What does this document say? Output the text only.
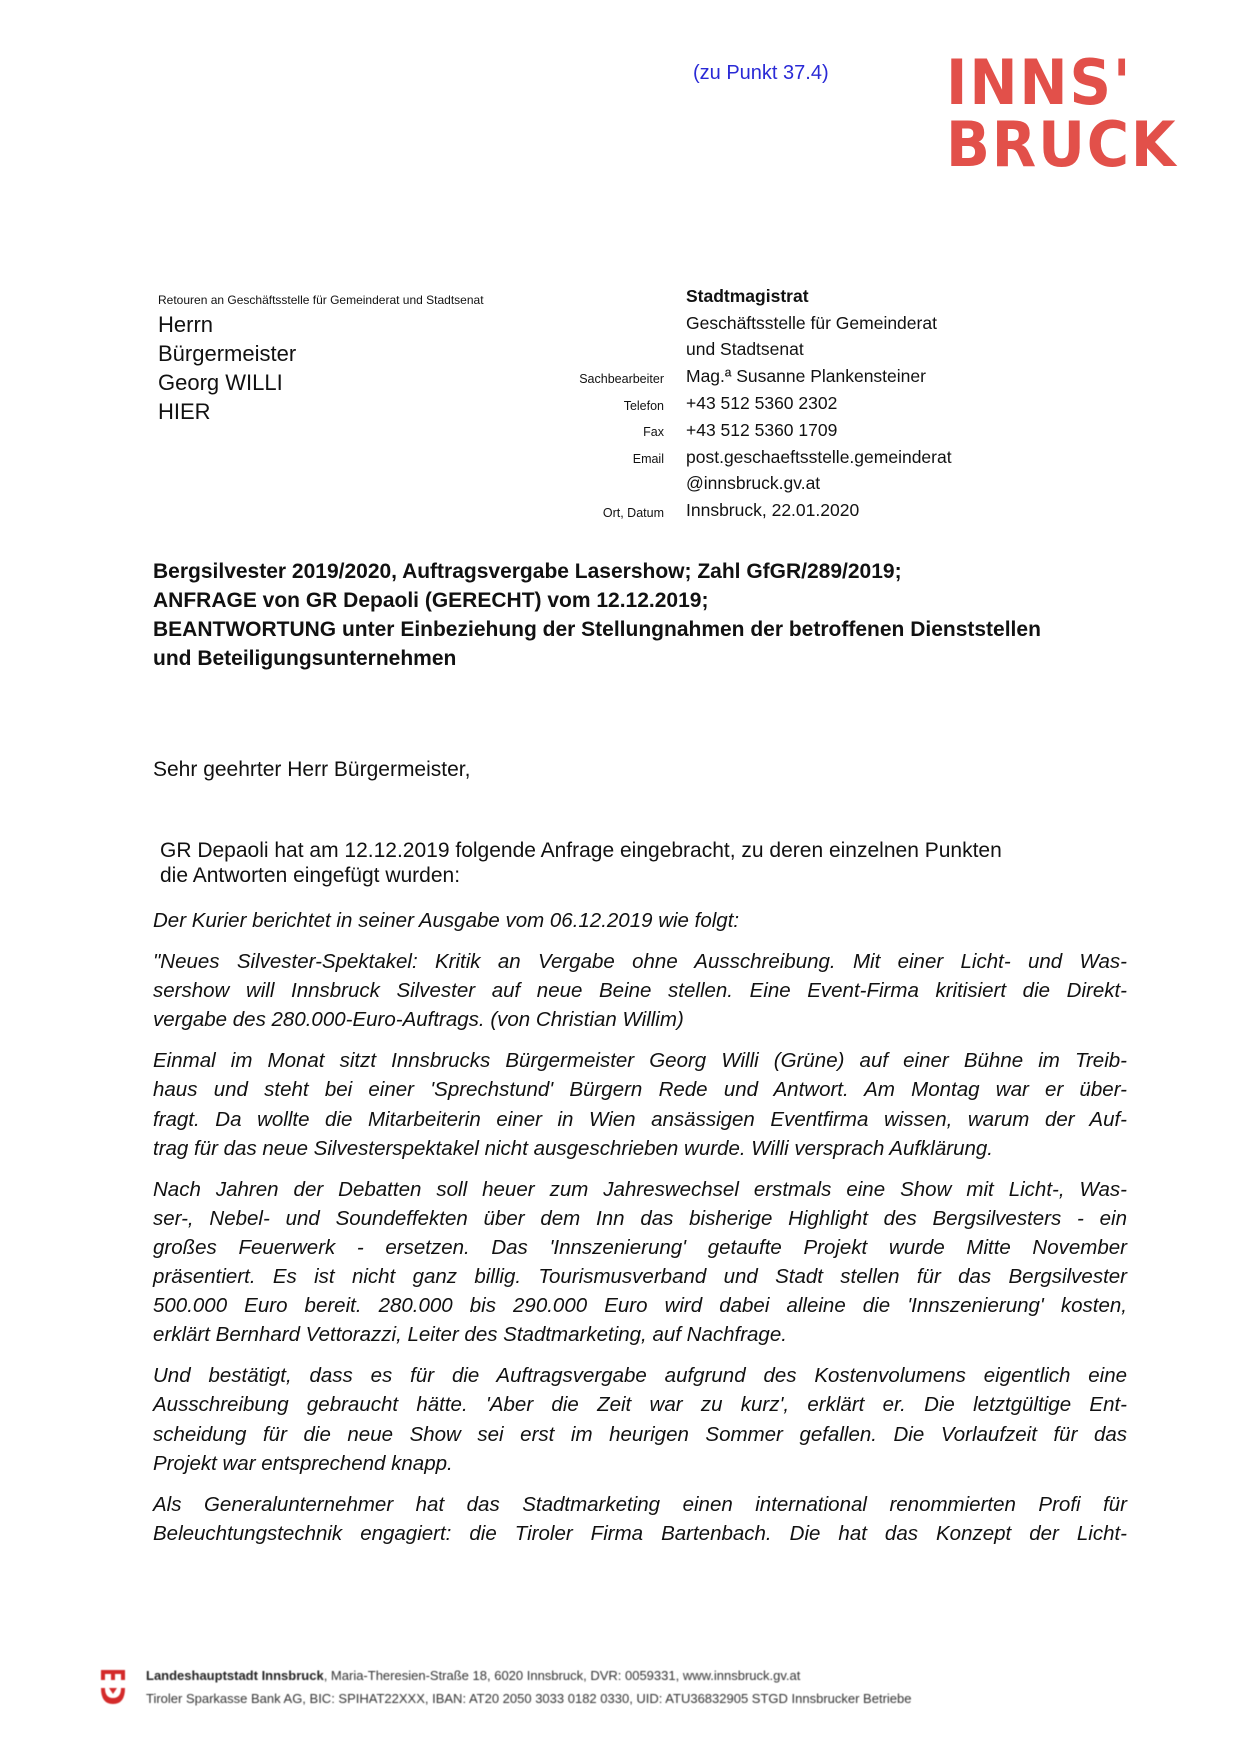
(zu Punkt 37.4) INNS'
BRUCK
Retouren an Geschäftsstelle für Gemeinderat und Stadtsenat
Herrn
Bürgermeister
Georg WILLI
HIER
Stadtmagistrat
Geschäftsstelle für Gemeinderat
und Stadtsenat
Sachbearbeiter	Mag.ª Susanne Plankensteiner
Telefon	+43 512 5360 2302
Fax	+43 512 5360 1709
Email	post.geschaeftsstelle.gemeinderat
@innsbruck.gv.at
Ort, Datum	Innsbruck, 22.01.2020
Bergsilvester 2019/2020, Auftragsvergabe Lasershow; Zahl GfGR/289/2019;
ANFRAGE von GR Depaoli (GERECHT) vom 12.12.2019;
BEANTWORTUNG unter Einbeziehung der Stellungnahmen der betroffenen Dienststellen
und Beteiligungsunternehmen
Sehr geehrter Herr Bürgermeister,
GR Depaoli hat am 12.12.2019 folgende Anfrage eingebracht, zu deren einzelnen Punkten
die Antworten eingefügt wurden:
Der Kurier berichtet in seiner Ausgabe vom 06.12.2019 wie folgt:
"Neues Silvester-Spektakel: Kritik an Vergabe ohne Ausschreibung. Mit einer Licht- und Was-
sershow will Innsbruck Silvester auf neue Beine stellen. Eine Event-Firma kritisiert die Direkt-
vergabe des 280.000-Euro-Auftrags. (von Christian Willim)
Einmal im Monat sitzt Innsbrucks Bürgermeister Georg Willi (Grüne) auf einer Bühne im Treib-
haus und steht bei einer 'Sprechstund' Bürgern Rede und Antwort. Am Montag war er über-
fragt. Da wollte die Mitarbeiterin einer in Wien ansässigen Eventfirma wissen, warum der Auf-
trag für das neue Silvesterspektakel nicht ausgeschrieben wurde. Willi versprach Aufklärung.
Nach Jahren der Debatten soll heuer zum Jahreswechsel erstmals eine Show mit Licht-, Was-
ser-, Nebel- und Soundeffekten über dem Inn das bisherige Highlight des Bergsilvesters - ein
großes Feuerwerk - ersetzen. Das 'Innszenierung' getaufte Projekt wurde Mitte November
präsentiert. Es ist nicht ganz billig. Tourismusverband und Stadt stellen für das Bergsilvester
500.000 Euro bereit. 280.000 bis 290.000 Euro wird dabei alleine die 'Innszenierung' kosten,
erklärt Bernhard Vettorazzi, Leiter des Stadtmarketing, auf Nachfrage.
Und bestätigt, dass es für die Auftragsvergabe aufgrund des Kostenvolumens eigentlich eine
Ausschreibung gebraucht hätte. 'Aber die Zeit war zu kurz', erklärt er. Die letztgültige Ent-
scheidung für die neue Show sei erst im heurigen Sommer gefallen. Die Vorlaufzeit für das
Projekt war entsprechend knapp.
Als Generalunternehmer hat das Stadtmarketing einen international renommierten Profi für
Beleuchtungstechnik engagiert: die Tiroler Firma Bartenbach. Die hat das Konzept der Licht-
Landeshauptstadt Innsbruck, Maria-Theresien-Straße 18, 6020 Innsbruck, DVR: 0059331, www.innsbruck.gv.at
Tiroler Sparkasse Bank AG, BIC: SPIHAT22XXX, IBAN: AT20 2050 3033 0182 0330, UID: ATU36832905 STGD Innsbrucker Betriebe
